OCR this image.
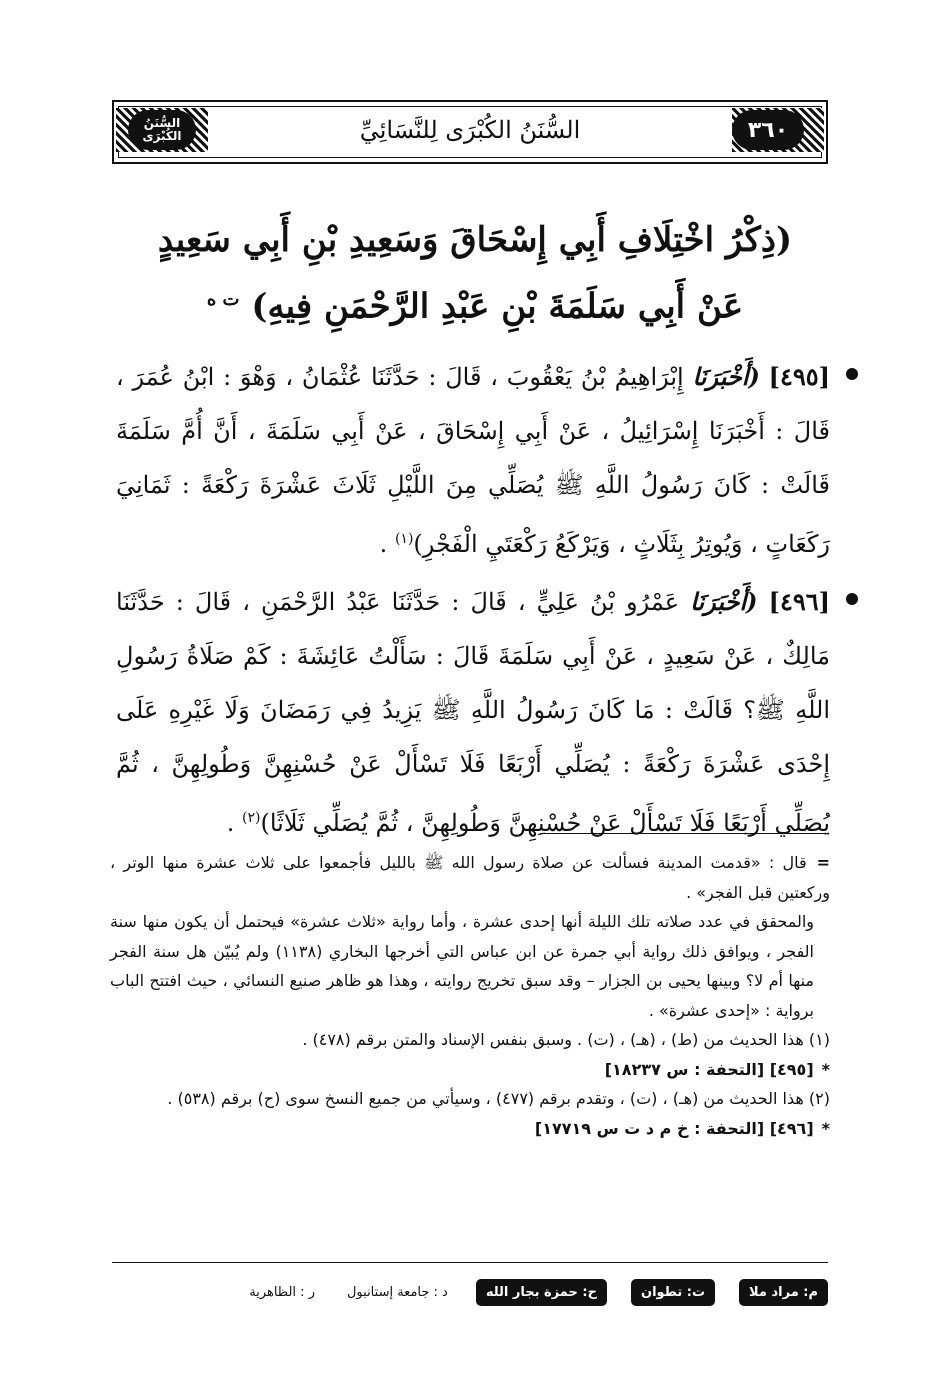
السُّنَنُ الكُبْرَى	السُّنَنُ الكُبْرَى لِلنَّسَائِيِّ	٣٦٠
(ذِكْرُ اخْتِلَافِ أَبِي إِسْحَاقَ وَسَعِيدِ بْنِ أَبِي سَعِيدٍ
عَنْ أَبِي سَلَمَةَ بْنِ عَبْدِ الرَّحْمَنِ فِيهِ) $^{ت ه}$
[٤٩٥] (أَخْبَرَنَا إِبْرَاهِيمُ بْنُ يَعْقُوبَ ، قَالَ : حَدَّثَنَا عُثْمَانُ ، وَهْوَ : ابْنُ عُمَرَ ، قَالَ : أَخْبَرَنَا إِسْرَائِيلُ ، عَنْ أَبِي إِسْحَاقَ ، عَنْ أَبِي سَلَمَةَ ، أَنَّ أُمَّ سَلَمَةَ قَالَتْ : كَانَ رَسُولُ اللَّهِ ﷺ يُصَلِّي مِنَ اللَّيْلِ ثَلَاثَ عَشْرَةَ رَكْعَةً : ثَمَانِيَ رَكَعَاتٍ ، وَيُوتِرُ بِثَلَاثٍ ، وَيَرْكَعُ رَكْعَتَيِ الْفَجْرِ)$^{(١)}$ .
[٤٩٦] (أَخْبَرَنَا عَمْرُو بْنُ عَلِيٍّ ، قَالَ : حَدَّثَنَا عَبْدُ الرَّحْمَنِ ، قَالَ : حَدَّثَنَا مَالِكٌ ، عَنْ سَعِيدٍ ، عَنْ أَبِي سَلَمَةَ قَالَ : سَأَلْتُ عَائِشَةَ : كَمْ صَلَاةُ رَسُولِ اللَّهِ ﷺ؟ قَالَتْ : مَا كَانَ رَسُولُ اللَّهِ ﷺ يَزِيدُ فِي رَمَضَانَ وَلَا غَيْرِهِ عَلَى إِحْدَى عَشْرَةَ رَكْعَةً : يُصَلِّي أَرْبَعًا فَلَا تَسْأَلْ عَنْ حُسْنِهِنَّ وَطُولِهِنَّ ، ثُمَّ يُصَلِّي أَرْبَعًا فَلَا تَسْأَلْ عَنْ حُسْنِهِنَّ وَطُولِهِنَّ ، ثُمَّ يُصَلِّي ثَلَاثًا)$^{(٢)}$ .

=قال : «قدمت المدينة فسألت عن صلاة رسول الله ﷺ بالليل فأجمعوا على ثلاث عشرة منها الوتر ، وركعتين قبل الفجر» .

والمحقق في عدد صلاته تلك الليلة أنها إحدى عشرة ، وأما رواية «ثلاث عشرة» فيحتمل أن يكون منها سنة الفجر ، ويوافق ذلك رواية أبي جمرة عن ابن عباس التي أخرجها البخاري (١١٣٨) ولم يُبيّن هل سنة الفجر منها أم لا؟ وبينها يحيى بن الجزار – وقد سبق تخريج روايته ، وهذا هو ظاهر صنيع النسائي ، حيث افتتح الباب برواية : «إحدى عشرة» .

(١) هذا الحديث من (ط) ، (هـ) ، (ت) . وسبق بنفس الإسناد والمتن برقم (٤٧٨) .

*[٤٩٥] [التحفة : س ١٨٢٣٧]

(٢) هذا الحديث من (هـ) ، (ت) ، وتقدم برقم (٤٧٧) ، وسيأتي من جميع النسخ سوى (ح) برقم (٥٣٨) .

*[٤٩٦] [التحفة : خ م د ت س ١٧٧١٩]

م: مراد ملا
ت: تطوان
ح: حمزة بجار الله
د : جامعة إستانبول
ر : الظاهرية
